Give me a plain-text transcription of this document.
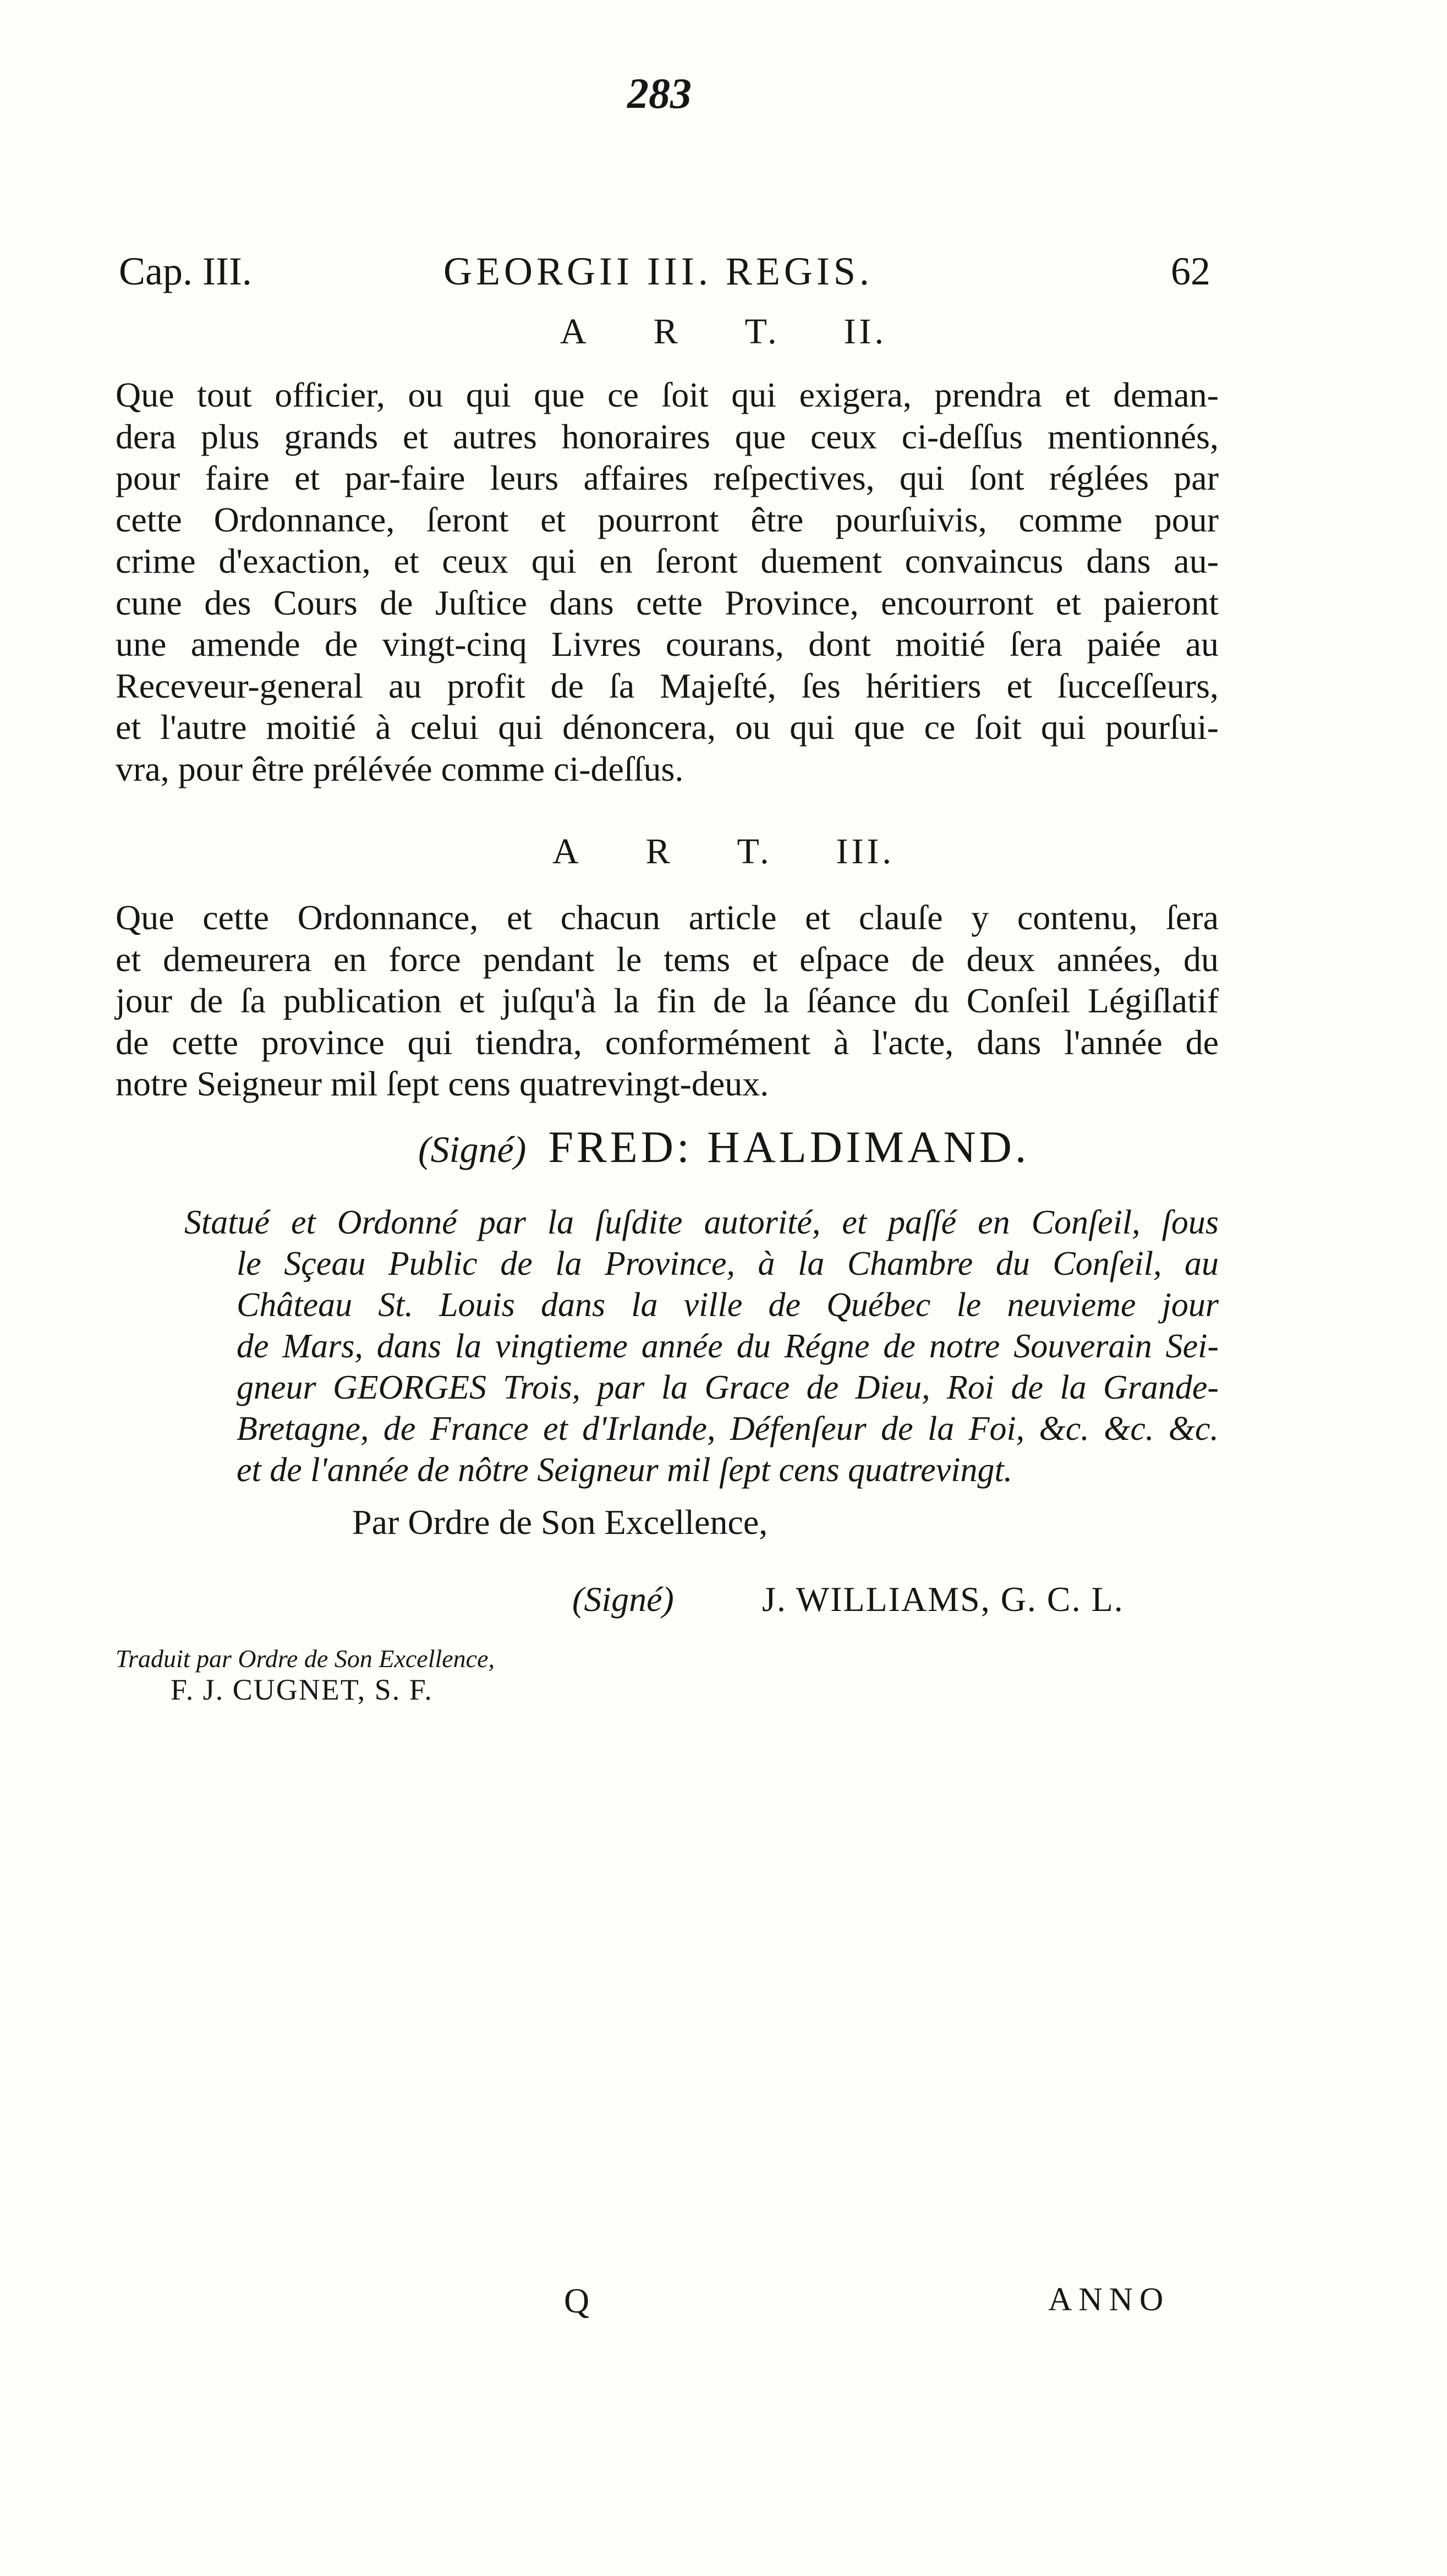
283
Cap. III.	GEORGII III. REGIS.	62
A R T. II.
Que tout officier, ou qui que ce ſoit qui exigera, prendra et deman-
dera plus grands et autres honoraires que ceux ci-deſſus mentionnés,
pour faire et par-faire leurs affaires reſpectives, qui ſont réglées par
cette Ordonnance, ſeront et pourront être pourſuivis, comme pour
crime d'exaction, et ceux qui en ſeront duement convaincus dans au-
cune des Cours de Juſtice dans cette Province, encourront et paieront
une amende de vingt-cinq Livres courans, dont moitié ſera paiée au
Receveur-general au profit de ſa Majeſté, ſes héritiers et ſucceſſeurs,
et l'autre moitié à celui qui dénoncera, ou qui que ce ſoit qui pourſui-
vra, pour être prélévée comme ci-deſſus.
A R T. III.
Que cette Ordonnance, et chacun article et clauſe y contenu, ſera
et demeurera en force pendant le tems et eſpace de deux années, du
jour de ſa publication et juſqu'à la fin de la ſéance du Conſeil Légiſlatif
de cette province qui tiendra, conformément à l'acte, dans l'année de
notre Seigneur mil ſept cens quatrevingt-deux.
(Signé) FRED: HALDIMAND.
Statué et Ordonné par la ſuſdite autorité, et paſſé en Conſeil, ſous
le Sçeau Public de la Province, à la Chambre du Conſeil, au
Château St. Louis dans la ville de Québec le neuvieme jour
de Mars, dans la vingtieme année du Régne de notre Souverain Sei-
gneur GEORGES Trois, par la Grace de Dieu, Roi de la Grande-
Bretagne, de France et d'Irlande, Défenſeur de la Foi, &c. &c. &c.
et de l'année de nôtre Seigneur mil ſept cens quatrevingt.
Par Ordre de Son Excellence,
(Signé)	J. WILLIAMS, G. C. L.
Traduit par Ordre de Son Excellence,
F. J. CUGNET, S. F.
Q	ANNO
